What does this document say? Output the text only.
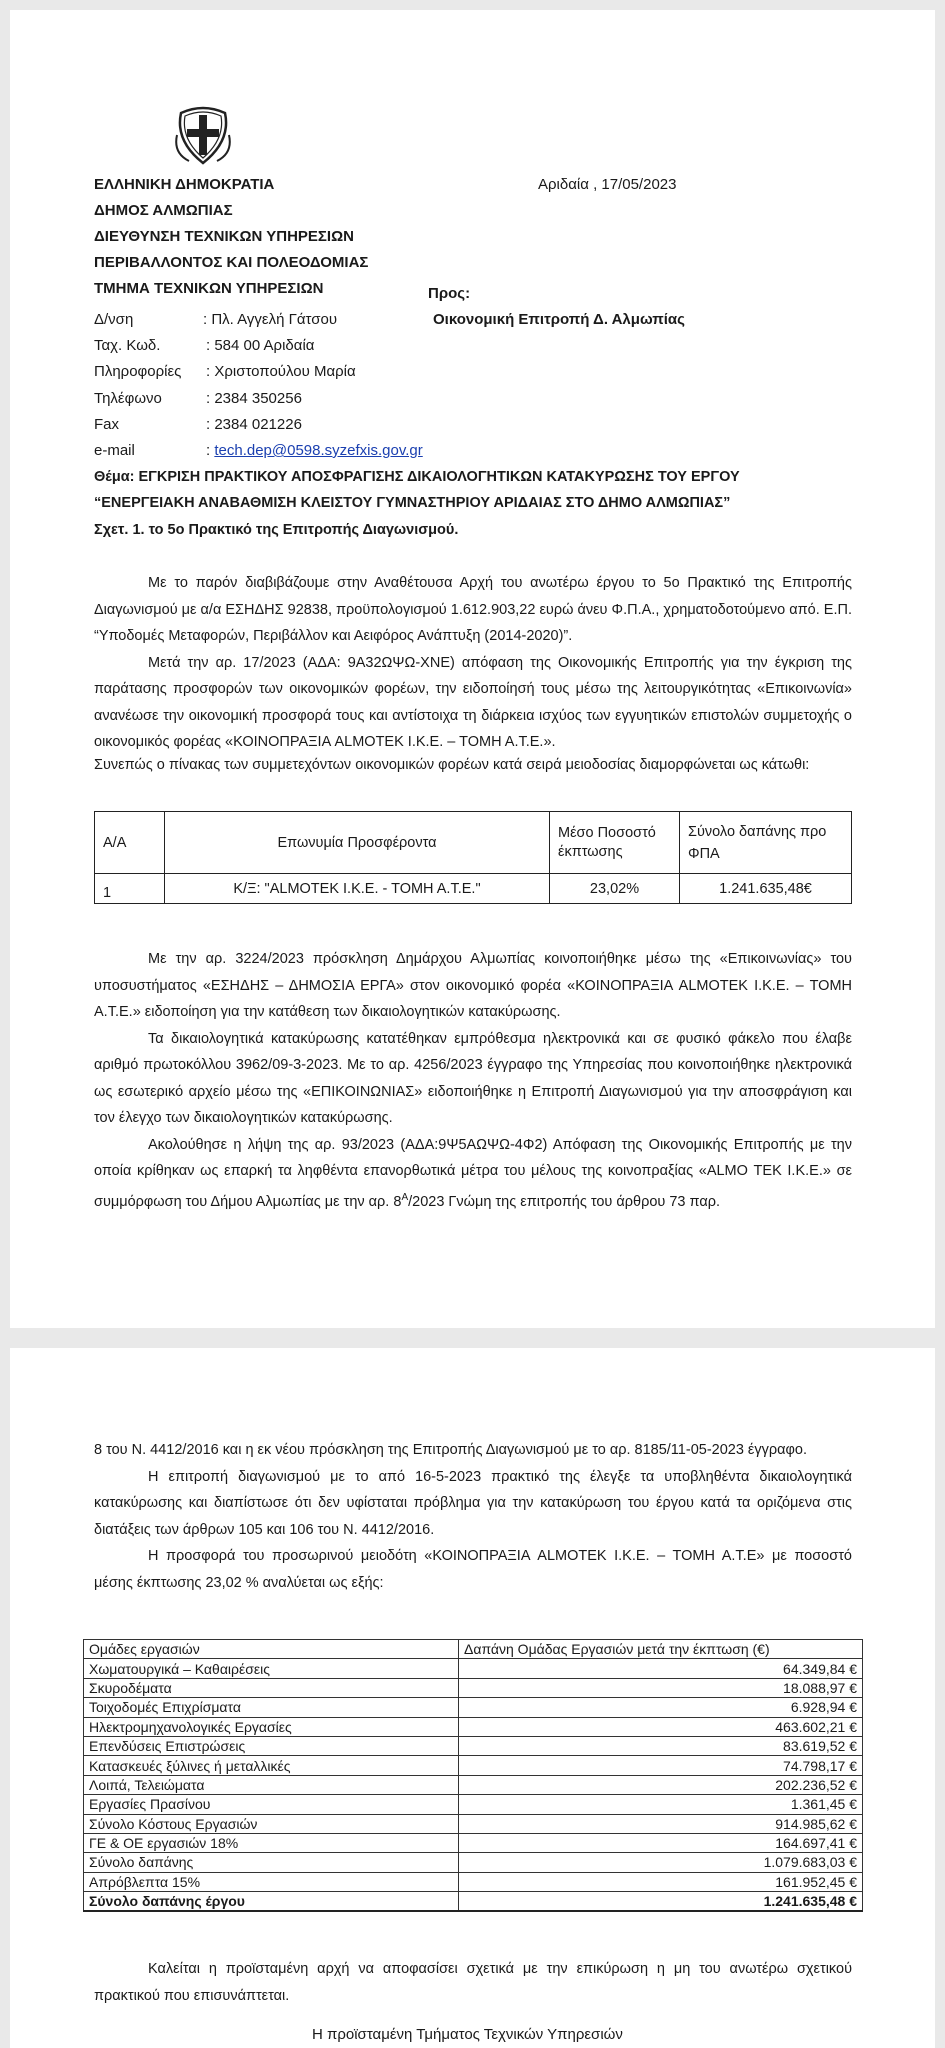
ΕΛΛΗΝΙΚΗ ΔΗΜΟΚΡΑΤΙΑ
ΔΗΜΟΣ ΑΛΜΩΠΙΑΣ
ΔΙΕΥΘΥΝΣΗ ΤΕΧΝΙΚΩΝ ΥΠΗΡΕΣΙΩΝ
ΠΕΡΙΒΑΛΛΟΝΤΟΣ ΚΑΙ ΠΟΛΕΟΔΟΜΙΑΣ
ΤΜΗΜΑ ΤΕΧΝΙΚΩΝ ΥΠΗΡΕΣΙΩΝ
Αριδαία , 17/05/2023
Προς:
Οικονομική Επιτροπή Δ. Αλμωπίας
Δ/νση	: Πλ. Αγγελή Γάτσου
Ταχ. Κωδ.	: 584 00 Αριδαία
Πληροφορίες : Χριστοπούλου Μαρία
Τηλέφωνο	: 2384 350256
Fax	: 2384 021226
e-mail	: tech.dep@0598.syzefxis.gov.gr
Θέμα: ΕΓΚΡΙΣΗ ΠΡΑΚΤΙΚΟΥ ΑΠΟΣΦΡΑΓΙΣΗΣ ΔΙΚΑΙΟΛΟΓΗΤΙΚΩΝ ΚΑΤΑΚΥΡΩΣΗΣ ΤΟΥ ΕΡΓΟΥ
“ΕΝΕΡΓΕΙΑΚΗ ΑΝΑΒΑΘΜΙΣΗ ΚΛΕΙΣΤΟΥ ΓΥΜΝΑΣΤΗΡΙΟΥ ΑΡΙΔΑΙΑΣ ΣΤΟ ΔΗΜΟ ΑΛΜΩΠΙΑΣ”
Σχετ. 1. το 5ο Πρακτικό της Επιτροπής Διαγωνισμού.

Με το παρόν διαβιβάζουμε στην Αναθέτουσα Αρχή του ανωτέρω έργου το 5ο Πρακτικό της Επιτροπής Διαγωνισμού με α/α ΕΣΗΔΗΣ 92838, προϋπολογισμού 1.612.903,22 ευρώ άνευ Φ.Π.Α., χρηματοδοτούμενο από. Ε.Π. “Υποδομές Μεταφορών, Περιβάλλον και Αειφόρος Ανάπτυξη (2014-2020)”.

Μετά την αρ. 17/2023 (ΑΔΑ: 9Α32ΩΨΩ-ΧΝΕ) απόφαση της Οικονομικής Επιτροπής για την έγκριση της παράτασης προσφορών των οικονομικών φορέων, την ειδοποίησή τους μέσω της λειτουργικότητας «Επικοινωνία» ανανέωσε την οικονομική προσφορά τους και αντίστοιχα τη διάρκεια ισχύος των εγγυητικών επιστολών συμμετοχής ο οικονομικός φορέας «ΚΟΙΝΟΠΡΑΞΙΑ ALMOTEK Ι.Κ.Ε. – ΤΟΜΗ Α.Τ.Ε.».

Συνεπώς ο πίνακας των συμμετεχόντων οικονομικών φορέων κατά σειρά μειοδοσίας διαμορφώνεται ως κάτωθι:

Α/Α	Επωνυμία Προσφέροντα	Μέσο Ποσοστό έκπτωσης	Σύνολο δαπάνης προ ΦΠΑ
1	Κ/Ξ: "ALMOTEK Ι.Κ.Ε. - ΤΟΜΗ Α.Τ.Ε."	23,02%	1.241.635,48€

Με την αρ. 3224/2023 πρόσκληση Δημάρχου Αλμωπίας κοινοποιήθηκε μέσω της «Επικοινωνίας» του υποσυστήματος «ΕΣΗΔΗΣ – ΔΗΜΟΣΙΑ ΕΡΓΑ» στον οικονομικό φορέα «ΚΟΙΝΟΠΡΑΞΙΑ ALMOTEK Ι.Κ.Ε. – ΤΟΜΗ Α.Τ.Ε.» ειδοποίηση για την κατάθεση των δικαιολογητικών κατακύρωσης.

Τα δικαιολογητικά κατακύρωσης κατατέθηκαν εμπρόθεσμα ηλεκτρονικά και σε φυσικό φάκελο που έλαβε αριθμό πρωτοκόλλου 3962/09-3-2023. Με το αρ. 4256/2023 έγγραφο της Υπηρεσίας που κοινοποιήθηκε ηλεκτρονικά ως εσωτερικό αρχείο μέσω της «ΕΠΙΚΟΙΝΩΝΙΑΣ» ειδοποιήθηκε η Επιτροπή Διαγωνισμού για την αποσφράγιση και τον έλεγχο των δικαιολογητικών κατακύρωσης.

Ακολούθησε η λήψη της αρ. 93/2023 (ΑΔΑ:9Ψ5ΑΩΨΩ-4Φ2) Απόφαση της Οικονομικής Επιτροπής με την οποία κρίθηκαν ως επαρκή τα ληφθέντα επανορθωτικά μέτρα του μέλους της κοινοπραξίας «ALMO ΤΕΚ Ι.Κ.Ε.» σε συμμόρφωση του Δήμου Αλμωπίας με την αρ. $8^A/2023$ Γνώμη της επιτροπής του άρθρου 73 παρ.

8 του Ν. 4412/2016 και η εκ νέου πρόσκληση της Επιτροπής Διαγωνισμού με το αρ. 8185/11-05-2023 έγγραφο.

Η επιτροπή διαγωνισμού με το από 16-5-2023 πρακτικό της έλεγξε τα υποβληθέντα δικαιολογητικά κατακύρωσης και διαπίστωσε ότι δεν υφίσταται πρόβλημα για την κατακύρωση του έργου κατά τα οριζόμενα στις διατάξεις των άρθρων 105 και 106 του Ν. 4412/2016.

Η προσφορά του προσωρινού μειοδότη «ΚΟΙΝΟΠΡΑΞΙΑ ALMOTEK Ι.Κ.Ε. – ΤΟΜΗ Α.Τ.Ε» με ποσοστό μέσης έκπτωσης 23,02 % αναλύεται ως εξής:

Ομάδες εργασιών	Δαπάνη Ομάδας Εργασιών μετά την έκπτωση (€)
Χωματουργικά – Καθαιρέσεις	64.349,84 €
Σκυροδέματα	18.088,97 €
Τοιχοδομές Επιχρίσματα	6.928,94 €
Ηλεκτρομηχανολογικές Εργασίες	463.602,21 €
Επενδύσεις Επιστρώσεις	83.619,52 €
Κατασκευές ξύλινες ή μεταλλικές	74.798,17 €
Λοιπά, Τελειώματα	202.236,52 €
Εργασίες Πρασίνου	1.361,45 €
Σύνολο Κόστους Εργασιών	914.985,62 €
ΓΕ & ΟΕ εργασιών 18%	164.697,41 €
Σύνολο δαπάνης	1.079.683,03 €
Απρόβλεπτα 15%	161.952,45 €
Σύνολο δαπάνης έργου	1.241.635,48 €

Καλείται η προϊσταμένη αρχή να αποφασίσει σχετικά με την επικύρωση η μη του ανωτέρω σχετικού πρακτικού που επισυνάπτεται.

Η προϊσταμένη Τμήματος Τεχνικών Υπηρεσιών
